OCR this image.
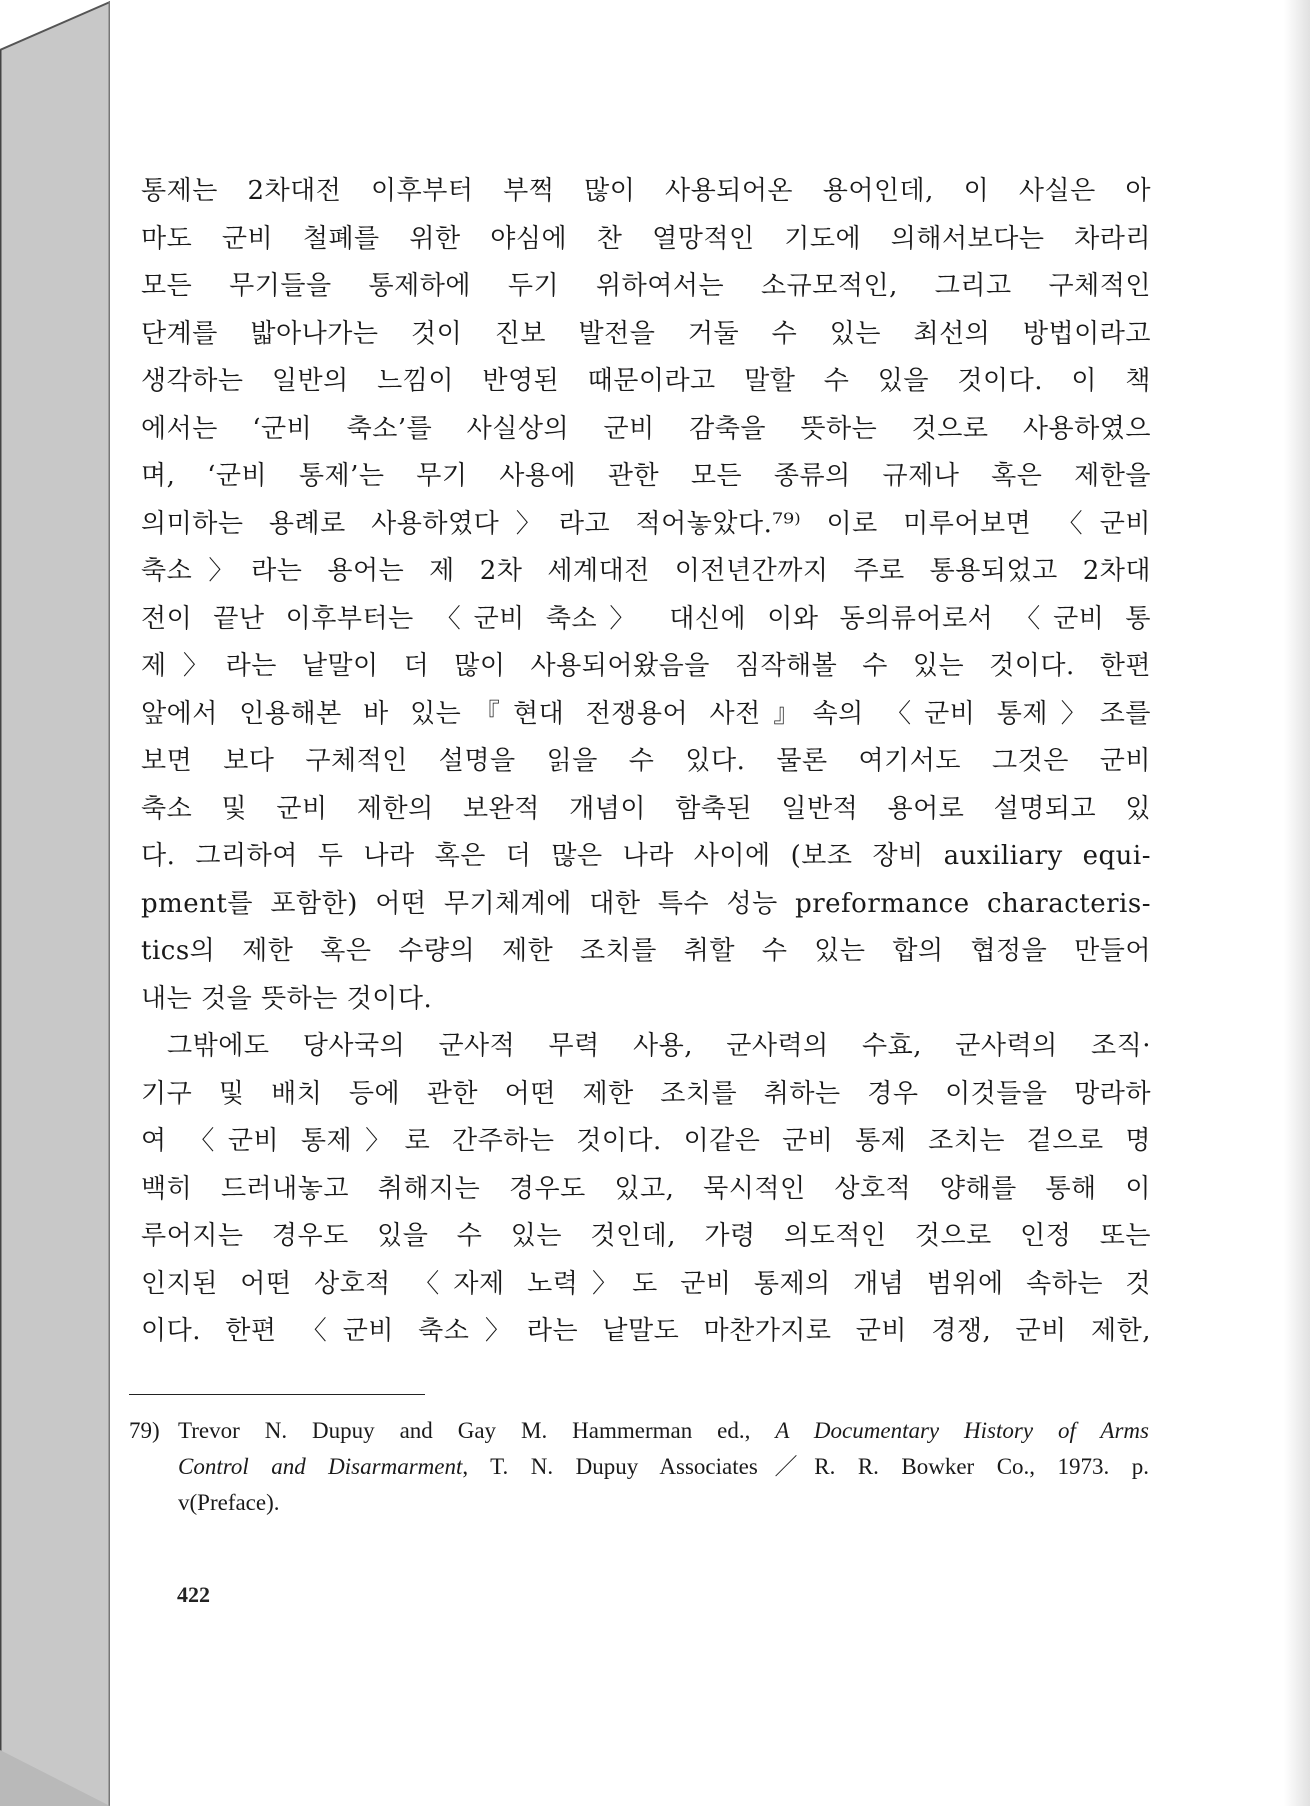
통제는 2차대전 이후부터 부쩍 많이 사용되어온 용어인데, 이 사실은 아
마도 군비 철폐를 위한 야심에 찬 열망적인 기도에 의해서보다는 차라리
모든 무기들을 통제하에 두기 위하여서는 소규모적인, 그리고 구체적인
단계를 밟아나가는 것이 진보 발전을 거둘 수 있는 최선의 방법이라고
생각하는 일반의 느낌이 반영된 때문이라고 말할 수 있을 것이다. 이 책
에서는 ‘군비 축소’를 사실상의 군비 감축을 뜻하는 것으로 사용하였으
며, ‘군비 통제’는 무기 사용에 관한 모든 종류의 규제나 혹은 제한을
의미하는 용례로 사용하였다〉라고 적어놓았다.⁷⁹⁾ 이로 미루어보면 〈군비
축소〉라는 용어는 제 2차 세계대전 이전년간까지 주로 통용되었고 2차대
전이 끝난 이후부터는 〈군비 축소〉 대신에 이와 동의류어로서 〈군비 통
제〉라는 낱말이 더 많이 사용되어왔음을 짐작해볼 수 있는 것이다. 한편
앞에서 인용해본 바 있는『현대 전쟁용어 사전』속의 〈군비 통제〉조를
보면 보다 구체적인 설명을 읽을 수 있다. 물론 여기서도 그것은 군비
축소 및 군비 제한의 보완적 개념이 함축된 일반적 용어로 설명되고 있
다. 그리하여 두 나라 혹은 더 많은 나라 사이에 (보조 장비 auxiliary equi-
pment를 포함한) 어떤 무기체계에 대한 특수 성능 preformance characteris-
tics의 제한 혹은 수량의 제한 조치를 취할 수 있는 합의 협정을 만들어
내는 것을 뜻하는 것이다.
그밖에도 당사국의 군사적 무력 사용, 군사력의 수효, 군사력의 조직·
기구 및 배치 등에 관한 어떤 제한 조치를 취하는 경우 이것들을 망라하
여 〈군비 통제〉로 간주하는 것이다. 이같은 군비 통제 조치는 겉으로 명
백히 드러내놓고 취해지는 경우도 있고, 묵시적인 상호적 양해를 통해 이
루어지는 경우도 있을 수 있는 것인데, 가령 의도적인 것으로 인정 또는
인지된 어떤 상호적 〈자제 노력〉도 군비 통제의 개념 범위에 속하는 것
이다. 한편 〈군비 축소〉라는 낱말도 마찬가지로 군비 경쟁, 군비 제한,
79) Trevor N. Dupuy and Gay M. Hammerman ed., A Documentary History of Arms
Control and Disarmarment, T. N. Dupuy Associates／R. R. Bowker Co., 1973. p.
v(Preface).
422
